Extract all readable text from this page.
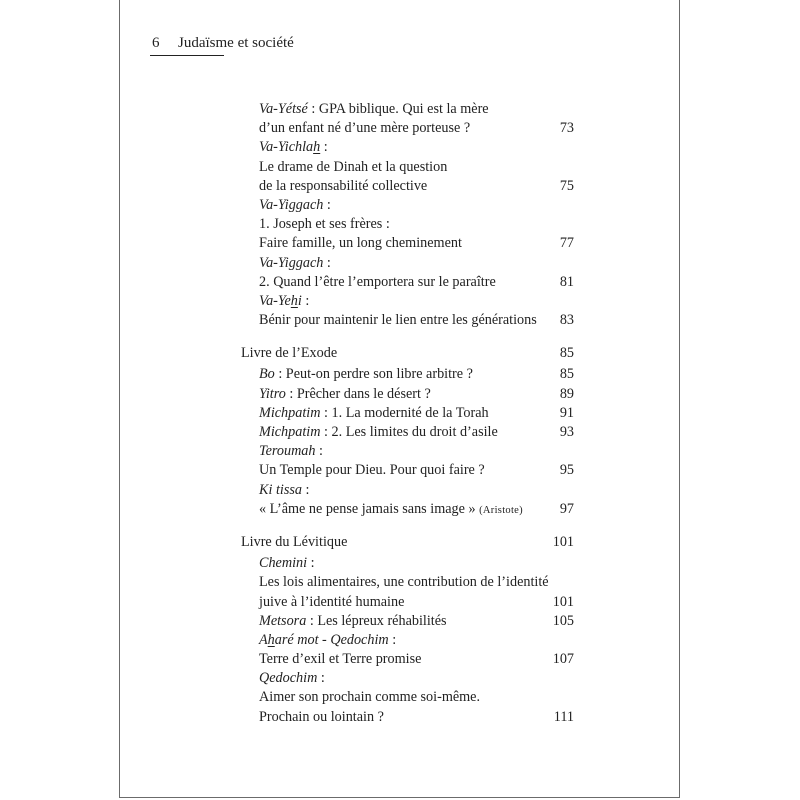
6 Judaïsme et société
Va-Yétsé : GPA biblique. Qui est la mère
d’un enfant né d’une mère porteuse ?	73
Va-Yichlah :
Le drame de Dinah et la question
de la responsabilité collective	75
Va-Yiggach :
1. Joseph et ses frères :
Faire famille, un long cheminement	77
Va-Yiggach :
2. Quand l’être l’emportera sur le paraître	81
Va-Yehi :
Bénir pour maintenir le lien entre les générations 83
Livre de l’Exode	85
Bo : Peut-on perdre son libre arbitre ?	85
Yitro : Prêcher dans le désert ?	89
Michpatim : 1. La modernité de la Torah	91
Michpatim : 2. Les limites du droit d’asile	93
Teroumah :
Un Temple pour Dieu. Pour quoi faire ?	95
Ki tissa :
« L’âme ne pense jamais sans image » (Aristote)	97
Livre du Lévitique	101
Chemini :
Les lois alimentaires, une contribution de l’identité
juive à l’identité humaine	101
Metsora : Les lépreux réhabilités	105
Aharé mot - Qedochim :
Terre d’exil et Terre promise	107
Qedochim :
Aimer son prochain comme soi-même.
Prochain ou lointain ?	111
